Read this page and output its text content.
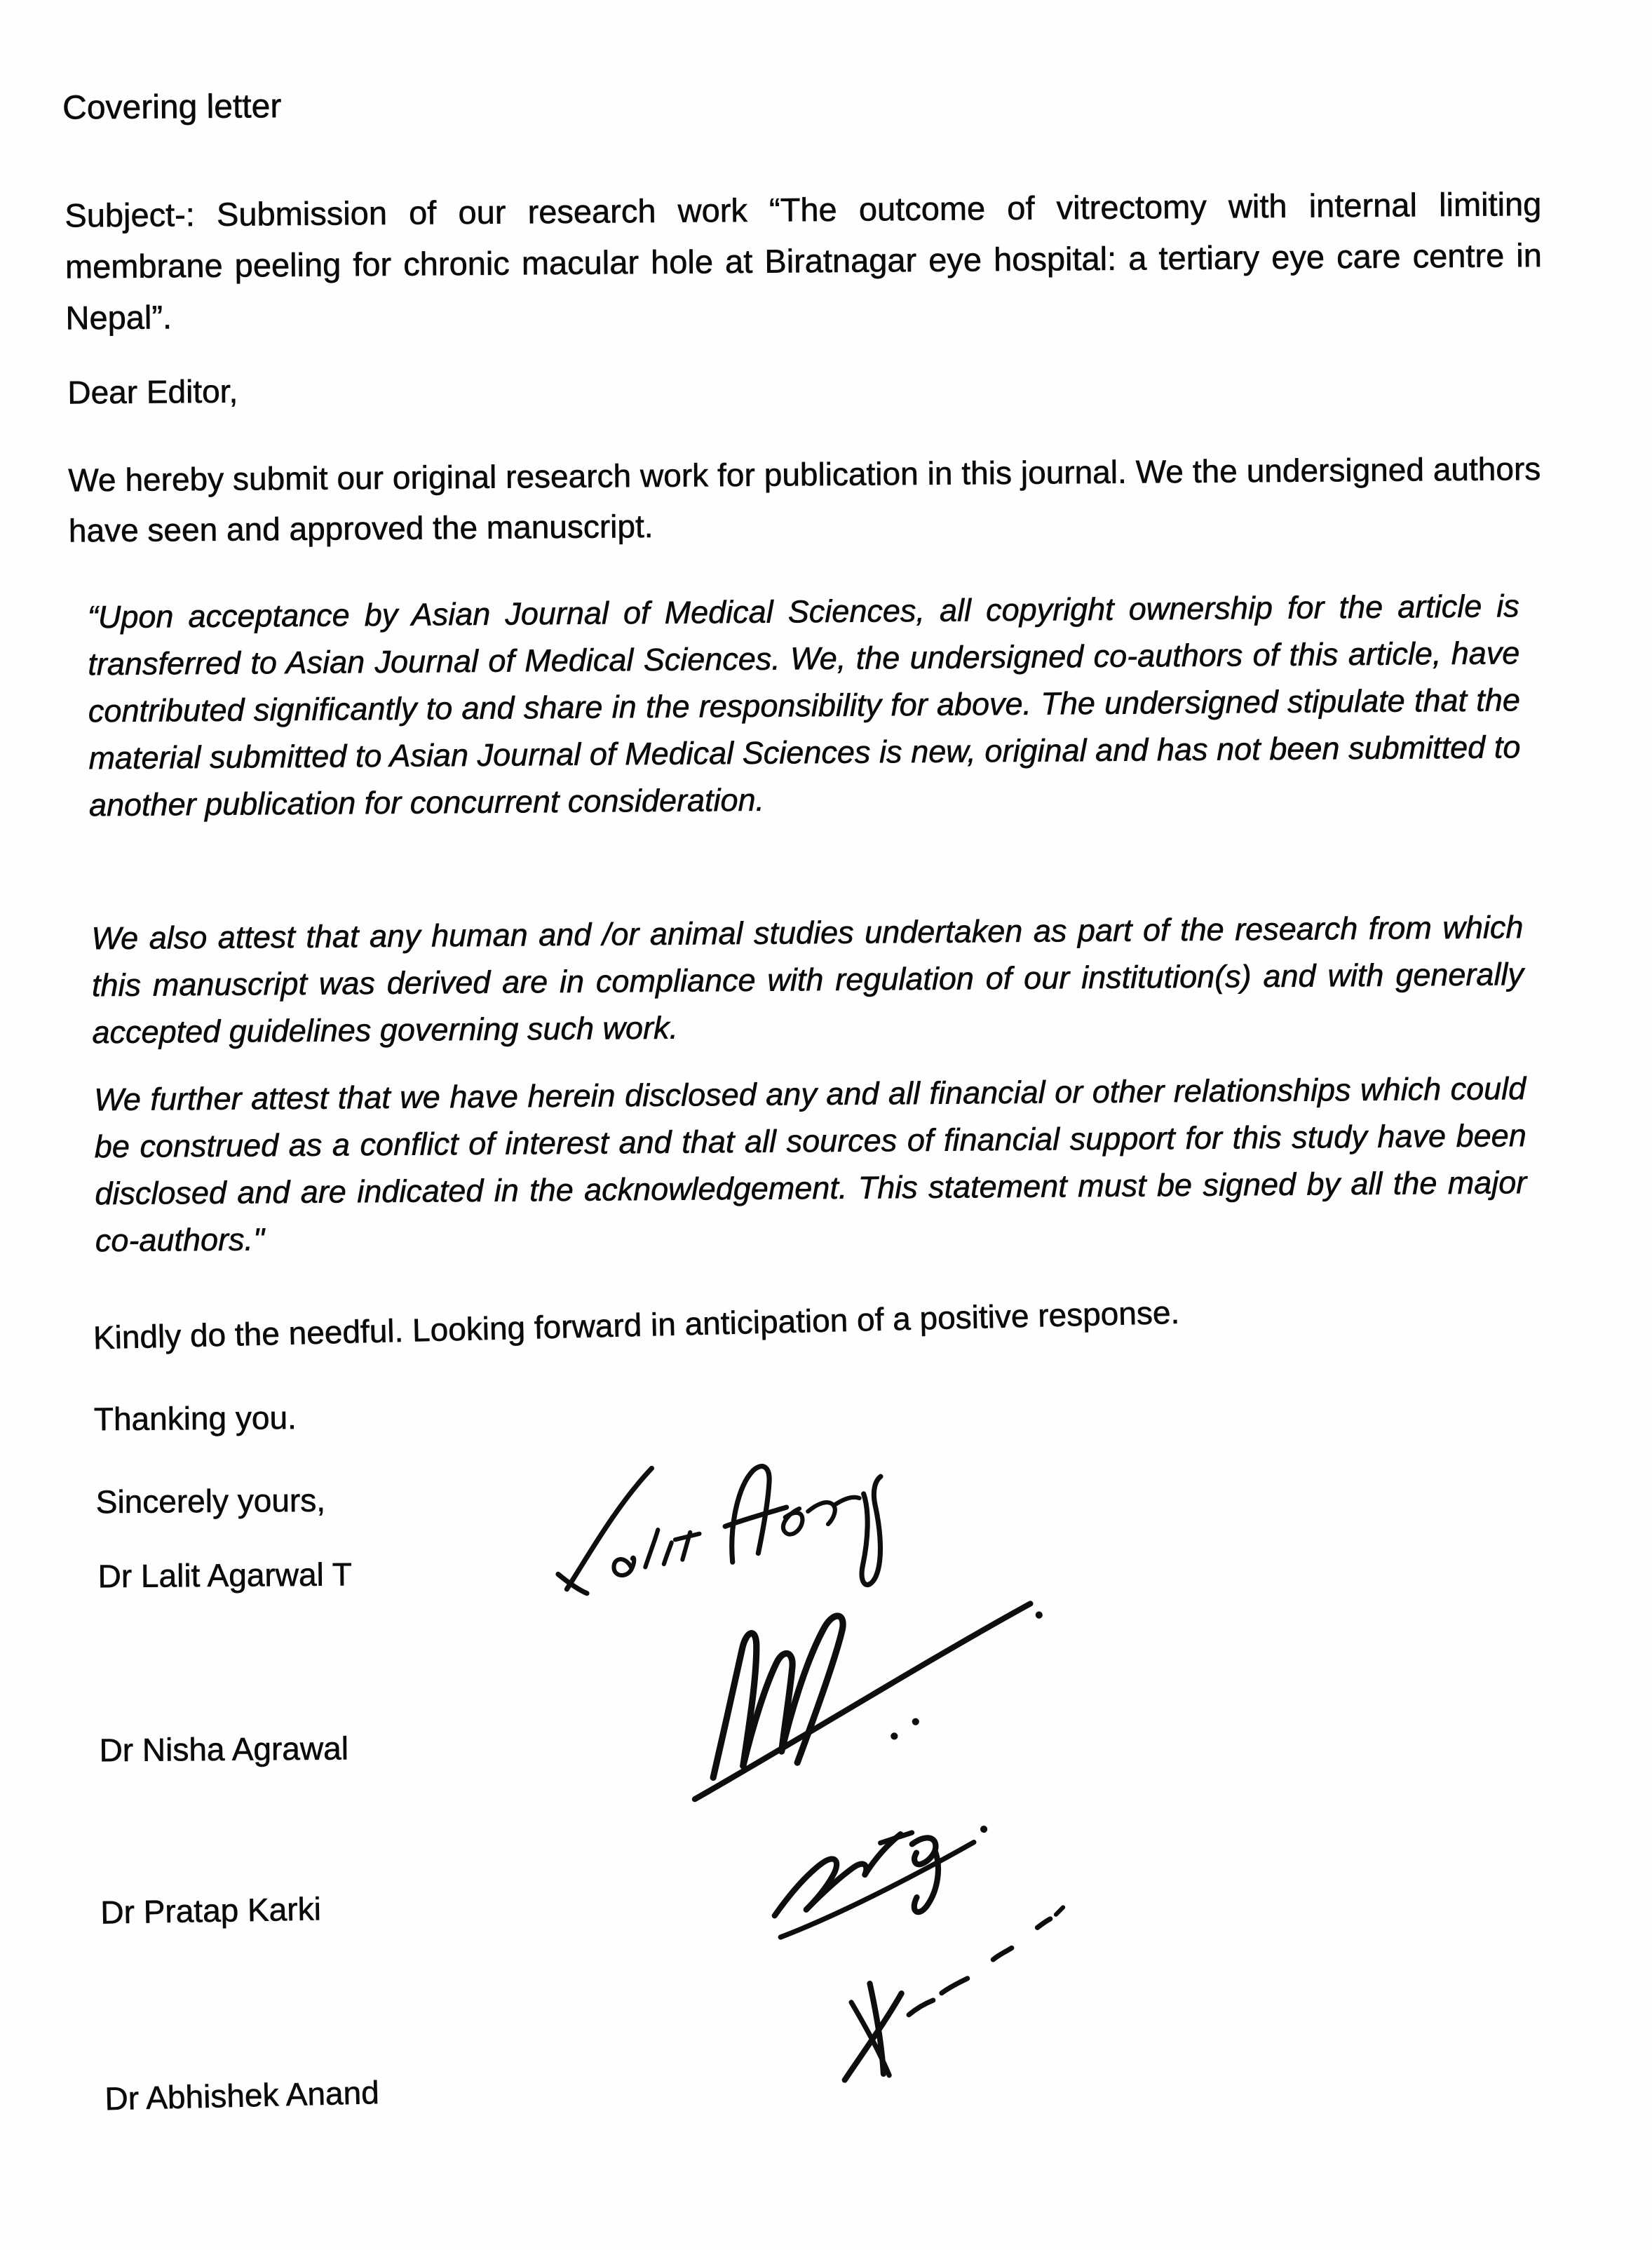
Covering letter

Subject-: Submission of our research work “The outcome of vitrectomy with internal limiting membrane peeling for chronic macular hole at Biratnagar eye hospital: a tertiary eye care centre in Nepal”.

Dear Editor,

We hereby submit our original research work for publication in this journal. We the undersigned authors have seen and approved the manuscript.

“Upon acceptance by Asian Journal of Medical Sciences, all copyright ownership for the article is transferred to Asian Journal of Medical Sciences. We, the undersigned co-authors of this article, have contributed significantly to and share in the responsibility for above. The undersigned stipulate that the material submitted to Asian Journal of Medical Sciences is new, original and has not been submitted to another publication for concurrent consideration.

We also attest that any human and /or animal studies undertaken as part of the research from which this manuscript was derived are in compliance with regulation of our institution(s) and with generally accepted guidelines governing such work.

We further attest that we have herein disclosed any and all financial or other relationships which could be construed as a conflict of interest and that all sources of financial support for this study have been disclosed and are indicated in the acknowledgement. This statement must be signed by all the major co-authors."

Kindly do the needful. Looking forward in anticipation of a positive response.

Thanking you.

Sincerely yours,

Dr Lalit Agarwal T

Dr Nisha Agrawal

Dr Pratap Karki

Dr Abhishek Anand
